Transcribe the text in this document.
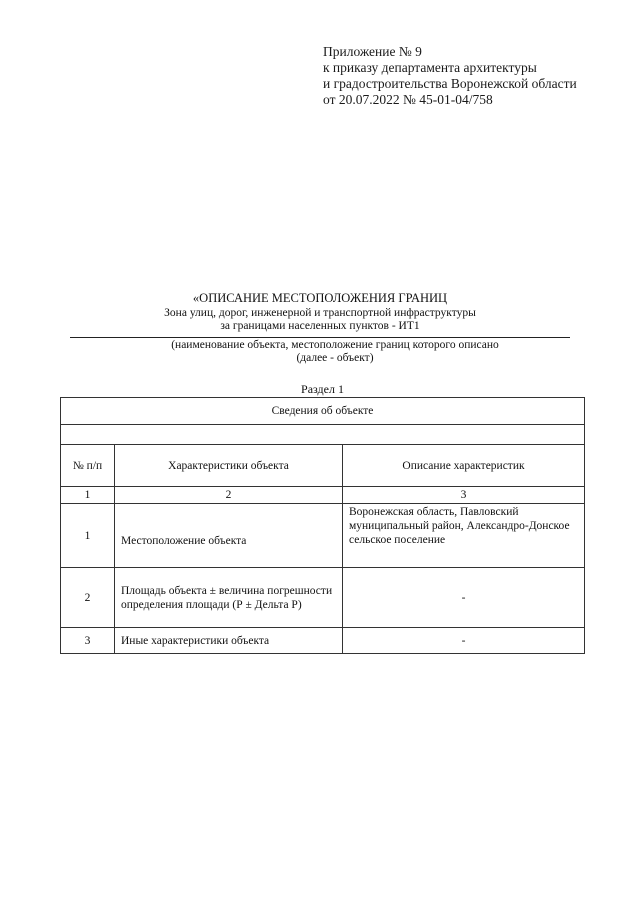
Приложение № 9
к приказу департамента архитектуры
и градостроительства Воронежской области
от 20.07.2022 № 45-01-04/758
«ОПИСАНИЕ МЕСТОПОЛОЖЕНИЯ ГРАНИЦ
Зона улиц, дорог, инженерной и транспортной инфраструктуры
за границами населенных пунктов - ИТ1
(наименование объекта, местоположение границ которого описано
(далее - объект)
Раздел 1
Сведения об объекте		

№ п/п	Характеристики объекта	Описание характеристик
1	2	3
1	Местоположение объекта	Воронежская область, Павловский муниципальный район, Александро-Донское сельское поселение
2	Площадь объекта ± величина погрешности определения площади (Р ± Дельта Р)	-
3	Иные характеристики объекта	-
